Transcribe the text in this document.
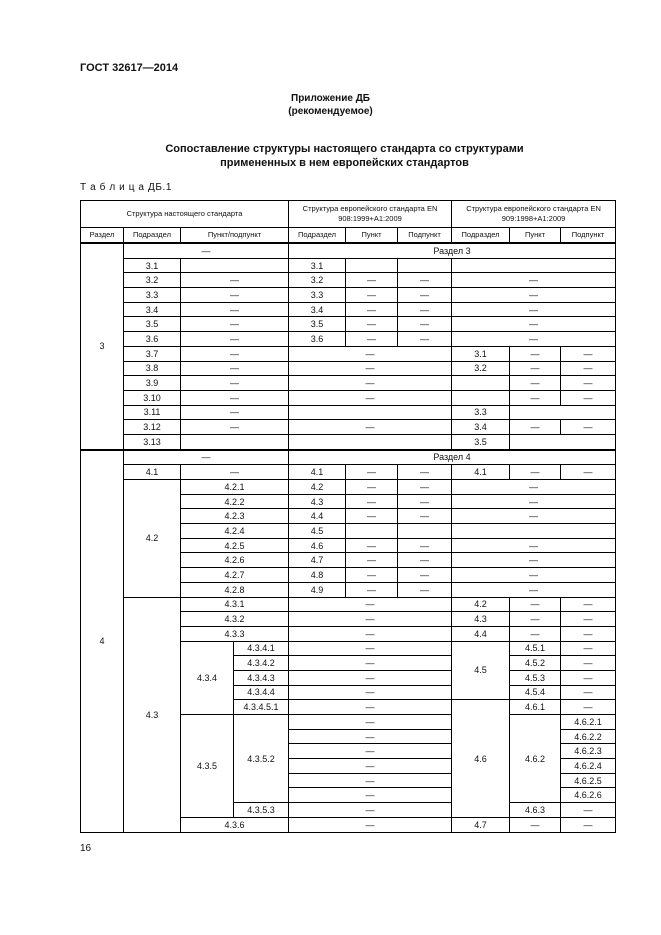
ГОСТ 32617—2014
Приложение ДБ
(рекомендуемое)
Сопоставление структуры настоящего стандарта со структурами
примененных в нем европейских стандартов
Т а б л и ц а ДБ.1
Структура настоящего стандарта				Структура европейского стандарта EN 908:1999+A1:2009			Структура европейского стандарта EN 909:1998+A1:2009		
Раздел	Подраздел	Пункт/подпункт		Подраздел	Пункт	Подпункт	Подраздел	Пункт	Подпункт
3	—			Раздел 3					
	3.1			3.1					
	3.2	—		3.2	—	—	—		
	3.3	—		3.3	—	—	—		
	3.4	—		3.4	—	—	—		
	3.5	—		3.5	—	—	—		
	3.6	—		3.6	—	—	—		
	3.7	—		—			3.1	—	—
	3.8	—		—			3.2	—	—
	3.9	—		—				—	—
	3.10	—		—				—	—
	3.11	—					3.3		
	3.12	—		—			3.4	—	—
	3.13						3.5		
4	—			Раздел 4					
	4.1	—		4.1	—	—	4.1	—	—
	4.2	4.2.1		4.2	—	—	—		
		4.2.2		4.3	—	—	—		
		4.2.3		4.4	—	—	—		
		4.2.4		4.5					
		4.2.5		4.6	—	—	—		
		4.2.6		4.7	—	—	—		
		4.2.7		4.8	—	—	—		
		4.2.8		4.9	—	—	—		
	4.3	4.3.1		—			4.2	—	—
		4.3.2		—			4.3	—	—
		4.3.3		—			4.4	—	—
		4.3.4	4.3.4.1	—			4.5	4.5.1	—
			4.3.4.2	—				4.5.2	—
			4.3.4.3	—				4.5.3	—
			4.3.4.4	—				4.5.4	—
			4.3.4.5.1	—			4.6	4.6.1	—
		4.3.5	4.3.5.2	—				4.6.2	4.6.2.1
				—					4.6.2.2
				—					4.6.2.3
				—					4.6.2.4
				—					4.6.2.5
				—					4.6.2.6
			4.3.5.3	—				4.6.3	—
		4.3.6		—			4.7	—	—
16
